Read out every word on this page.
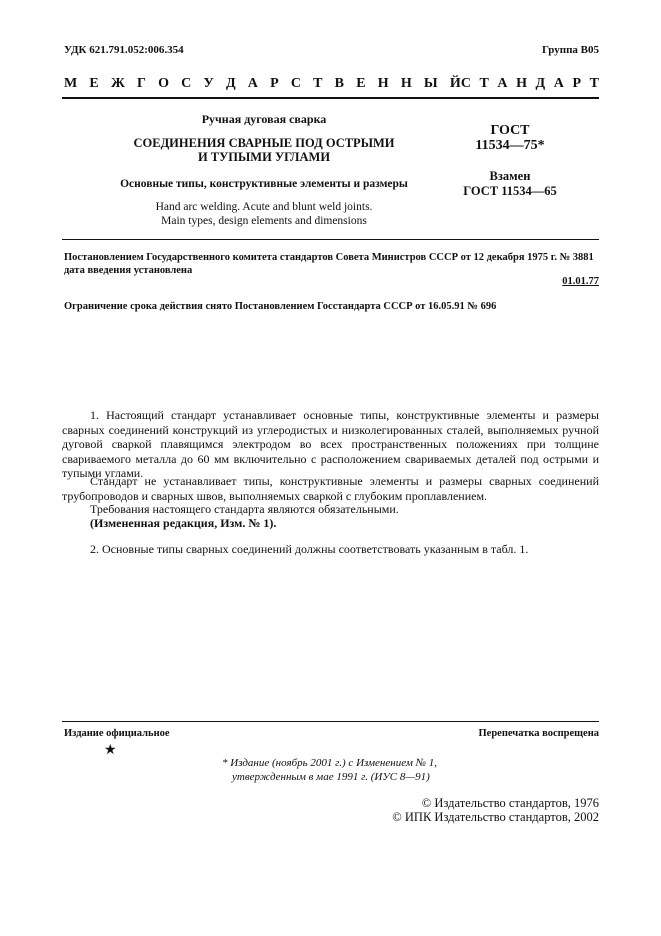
УДК 621.791.052:006.354	Группа В05
М Е Ж Г О С У Д А Р С Т В Е Н Н Ы Й С Т А Н Д А Р Т
Ручная дуговая сварка
СОЕДИНЕНИЯ СВАРНЫЕ ПОД ОСТРЫМИ
И ТУПЫМИ УГЛАМИ
Основные типы, конструктивные элементы и размеры
Hand arc welding. Acute and blunt weld joints.
Main types, design elements and dimensions
ГОСТ
11534—75*
Взамен
ГОСТ 11534—65
Постановлением Государственного комитета стандартов Совета Министров СССР от 12 декабря 1975 г. № 3881
дата введения установлена
01.01.77
Ограничение срока действия снято Постановлением Госстандарта СССР от 16.05.91 № 696
1. Настоящий стандарт устанавливает основные типы, конструктивные элементы и размеры сварных соединений конструкций из углеродистых и низколегированных сталей, выполняемых ручной дуговой сваркой плавящимся электродом во всех пространственных положениях при толщине свариваемого металла до 60 мм включительно с расположением свариваемых деталей под острыми и тупыми углами.
Стандарт не устанавливает типы, конструктивные элементы и размеры сварных соединений трубопроводов и сварных швов, выполняемых сваркой с глубоким проплавлением.
Требования настоящего стандарта являются обязательными.
(Измененная редакция, Изм. № 1).
2. Основные типы сварных соединений должны соответствовать указанным в табл. 1.
Издание официальное	Перепечатка воспрещена
★
* Издание (ноябрь 2001 г.) с Изменением № 1,
утвержденным в мае 1991 г. (ИУС 8—91)
© Издательство стандартов, 1976
© ИПК Издательство стандартов, 2002
